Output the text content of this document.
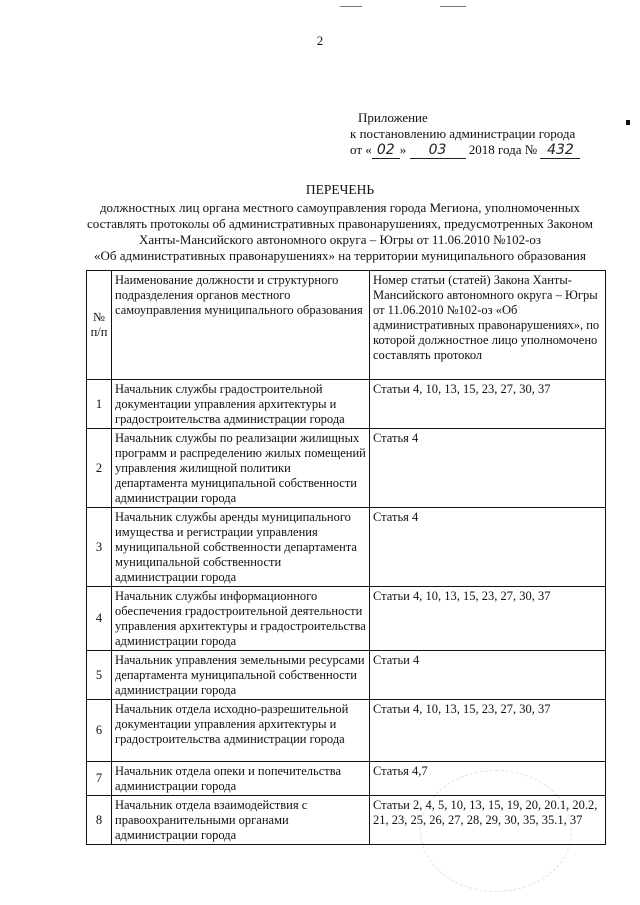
2
Приложение
к постановлению администрации города
от « 02 » 03 2018 года № 432
ПЕРЕЧЕНЬ
должностных лиц органа местного самоуправления города Мегиона, уполномоченных
составлять протоколы об административных правонарушениях, предусмотренных Законом
Ханты-Мансийского автономного округа – Югры от 11.06.2010 №102-оз
«Об административных правонарушениях» на территории муниципального образования
№ п/п	Наименование должности и структурного подразделения органов местного самоуправления муниципального образования	Номер статьи (статей) Закона Ханты-Мансийского автономного округа – Югры от 11.06.2010 №102-оз «Об административных правонарушениях», по которой должностное лицо уполномочено составлять протокол
1	Начальник службы градостроительной документации управления архитектуры и градостроительства администрации города	Статьи 4, 10, 13, 15, 23, 27, 30, 37
2	Начальник службы по реализации жилищных программ и распределению жилых помещений управления жилищной политики департамента муниципальной собственности администрации города	Статья 4
3	Начальник службы аренды муниципального имущества и регистрации управления муниципальной собственности департамента муниципальной собственности администрации города	Статья 4
4	Начальник службы информационного обеспечения градостроительной деятельности управления архитектуры и градостроительства администрации города	Статьи 4, 10, 13, 15, 23, 27, 30, 37
5	Начальник управления земельными ресурсами департамента муниципальной собственности администрации города	Статьи 4
6	Начальник отдела исходно-разрешительной документации управления архитектуры и градостроительства администрации города	Статьи 4, 10, 13, 15, 23, 27, 30, 37
7	Начальник отдела опеки и попечительства администрации города	Статья 4,7
8	Начальник отдела взаимодействия с правоохранительными органами администрации города	Статьи 2, 4, 5, 10, 13, 15, 19, 20, 20.1, 20.2, 21, 23, 25, 26, 27, 28, 29, 30, 35, 35.1, 37
